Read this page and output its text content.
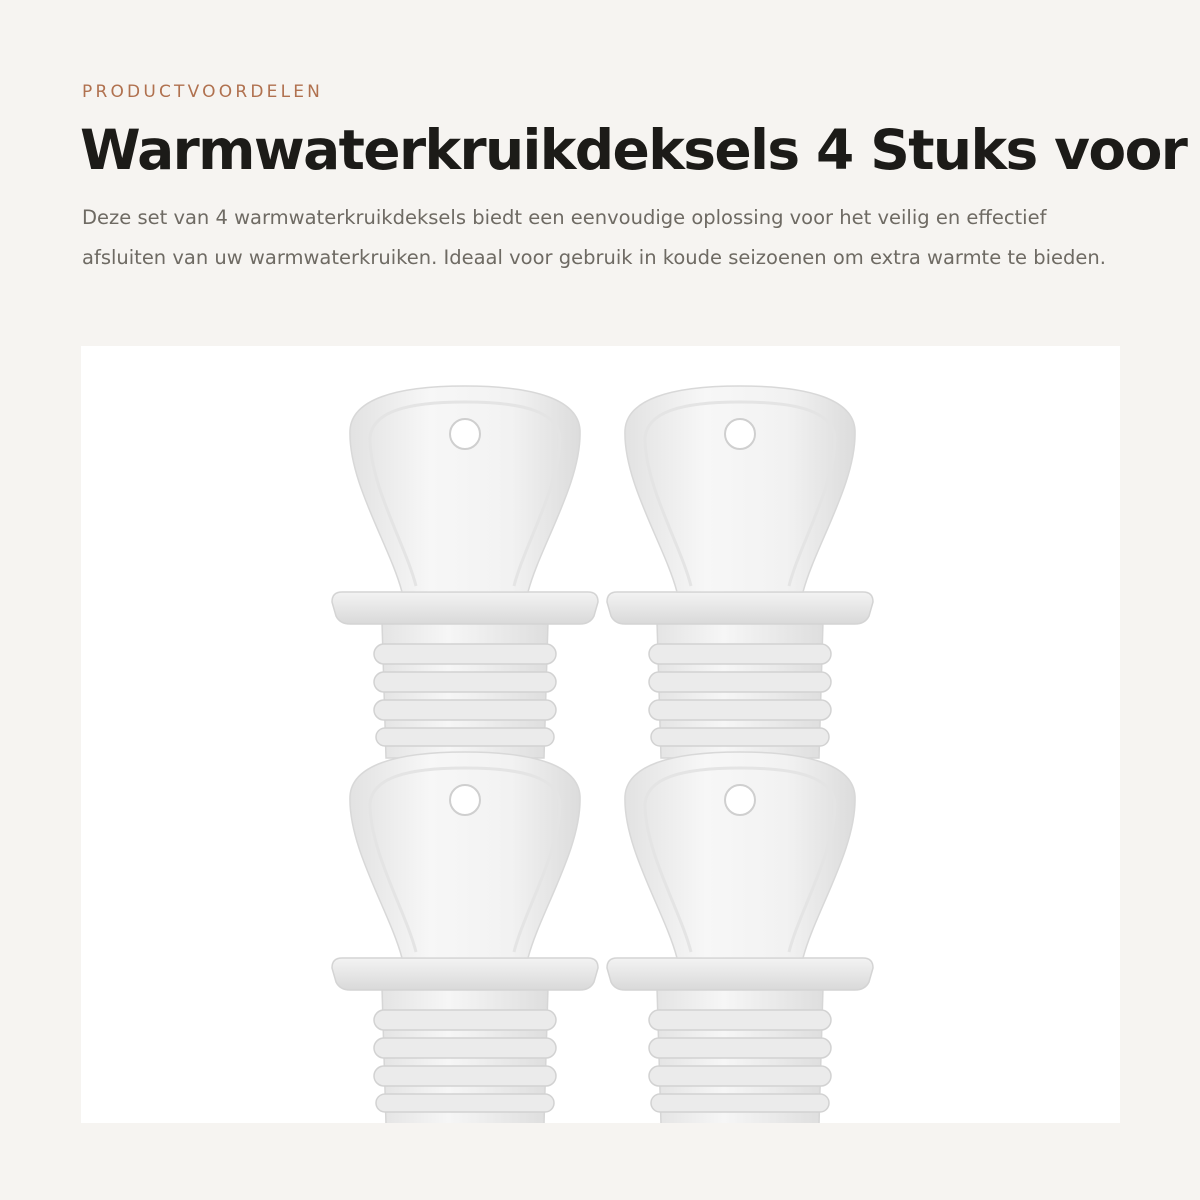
PRODUCTVOORDELEN

Warmwaterkruikdeksels 4 Stuks voor

Deze set van 4 warmwaterkruikdeksels biedt een eenvoudige oplossing voor het veilig en effectief afsluiten van uw warmwaterkruiken. Ideaal voor gebruik in koude seizoenen om extra warmte te bieden.
